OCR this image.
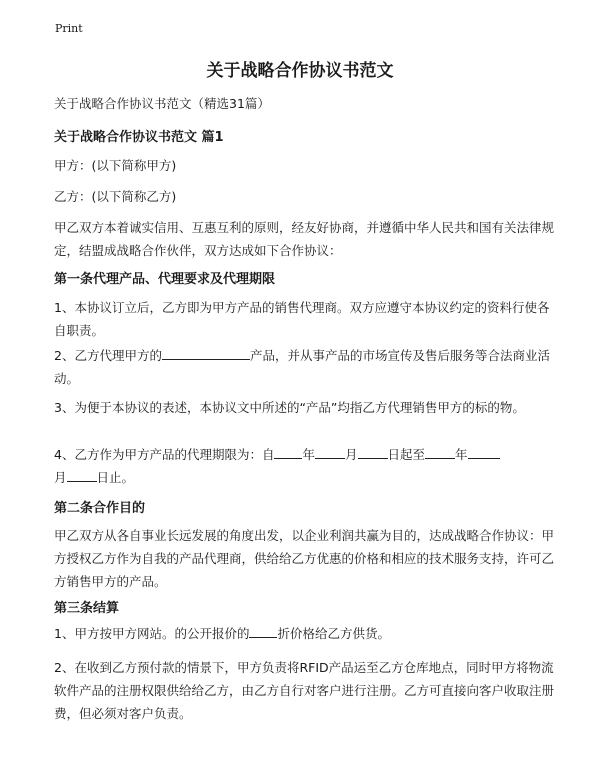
Print
关于战略合作协议书范文

关于战略合作协议书范文（精选31篇）

关于战略合作协议书范文 篇1

甲方：(以下简称甲方)

乙方：(以下简称乙方)

甲乙双方本着诚实信用、互惠互利的原则，经友好协商，并遵循中华人民共和国有关法律规定，结盟成战略合作伙伴，双方达成如下合作协议：

第一条代理产品、代理要求及代理期限

1、本协议订立后，乙方即为甲方产品的销售代理商。双方应遵守本协议约定的资料行使各自职责。

2、乙方代理甲方的	产品，并从事产品的市场宣传及售后服务等合法商业活动。

3、为便于本协议的表述，本协议文中所述的“产品”均指乙方代理销售甲方的标的物。

4、乙方作为甲方产品的代理期限为：自 年 月 日起至 年
月 日止。

第二条合作目的

甲乙双方从各自事业长远发展的角度出发，以企业利润共赢为目的，达成战略合作协议：甲方授权乙方作为自我的产品代理商，供给给乙方优惠的价格和相应的技术服务支持，许可乙方销售甲方的产品。

第三条结算

1、甲方按甲方网站。的公开报价的 折价格给乙方供货。

2、在收到乙方预付款的情景下，甲方负责将RFID产品运至乙方仓库地点，同时甲方将物流软件产品的注册权限供给给乙方，由乙方自行对客户进行注册。乙方可直接向客户收取注册费，但必须对客户负责。
